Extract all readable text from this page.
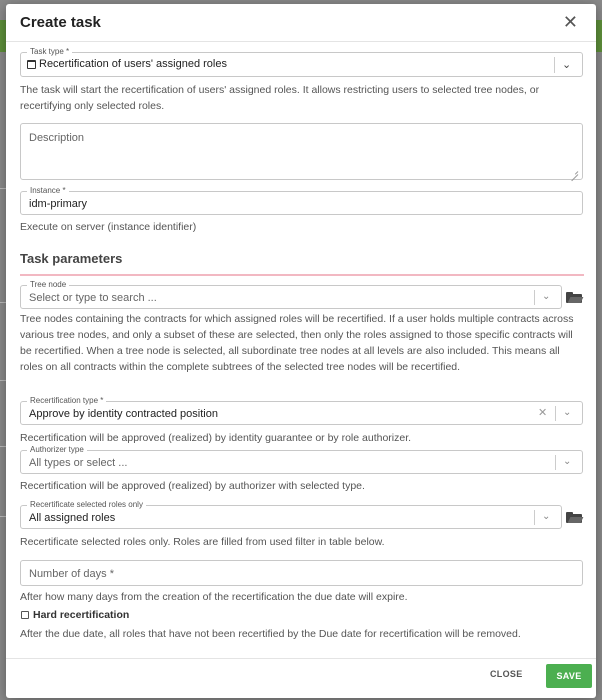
Create task	✕
Task type *
Recertification of users' assigned roles	⌄
The task will start the recertification of users' assigned roles. It allows restricting users to selected tree nodes, or recertifying only selected roles.
Description
Instance *
idm-primary
Execute on server (instance identifier)
Task parameters
Tree node
Select or type to search ...	⌄
Tree nodes containing the contracts for which assigned roles will be recertified. If a user holds multiple contracts across various tree nodes, and only a subset of these are selected, then only the roles assigned to those specific contracts will be recertified. When a tree node is selected, all subordinate tree nodes at all levels are also included. This means all roles on all contracts within the complete subtrees of the selected tree nodes will be recertified.
Recertification type *
Approve by identity contracted position	✕ ⌄
Recertification will be approved (realized) by identity guarantee or by role authorizer.
Authorizer type
All types or select ...	⌄
Recertification will be approved (realized) by authorizer with selected type.
Recertificate selected roles only
All assigned roles	⌄
Recertificate selected roles only. Roles are filled from used filter in table below.
Number of days *
After how many days from the creation of the recertification the due date will expire.
Hard recertification
After the due date, all roles that have not been recertified by the Due date for recertification will be removed.
CLOSE	SAVE
